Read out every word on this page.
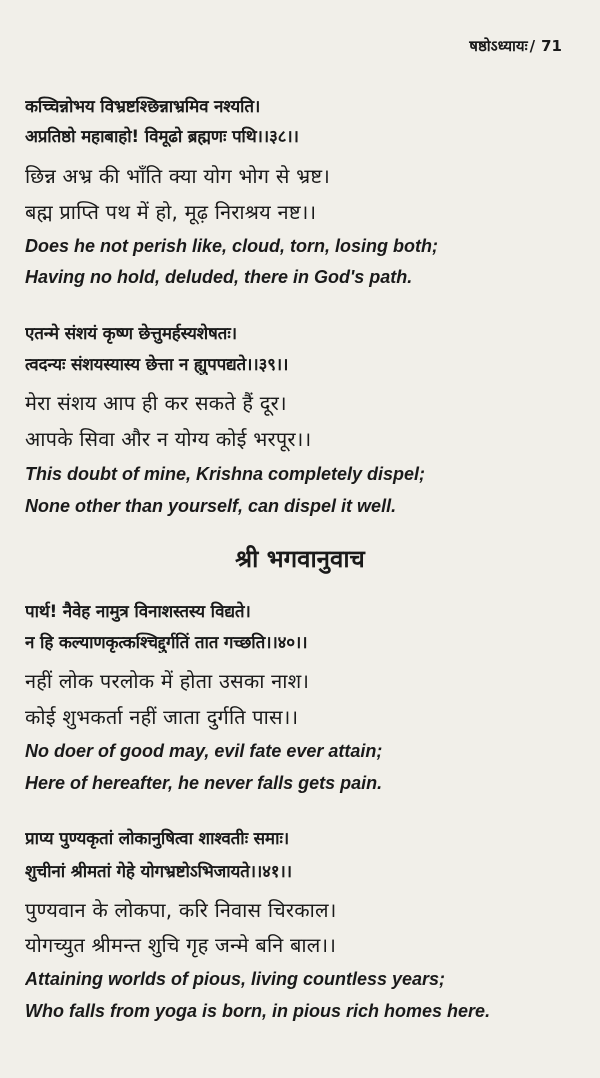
षष्ठोऽध्यायः / 71
कच्चिन्नोभय विभ्रष्टश्छिन्नाभ्रमिव नश्यति।
अप्रतिष्ठो महाबाहो! विमूढो ब्रह्मणः पथि।।३८।।
छिन्न अभ्र की भाँति क्या योग भोग से भ्रष्ट।
बह्म प्राप्ति पथ में हो, मूढ़ निराश्रय नष्ट।।
Does he not perish like, cloud, torn, losing both;
Having no hold, deluded, there in God's path.
एतन्मे संशयं कृष्ण छेत्तुमर्हस्यशेषतः।
त्वदन्यः संशयस्यास्य छेत्ता न ह्युपपद्यते।।३९।।
मेरा संशय आप ही कर सकते हैं दूर।
आपके सिवा और न योग्य कोई भरपूर।।
This doubt of mine, Krishna completely dispel;
None other than yourself, can dispel it well.
श्री भगवानुवाच
पार्थ! नैवेह नामुत्र विनाशस्तस्य विद्यते।
न हि कल्याणकृत्कश्चिद्दुर्गतिं तात गच्छति।।४०।।
नहीं लोक परलोक में होता उसका नाश।
कोई शुभकर्ता नहीं जाता दुर्गति पास।।
No doer of good may, evil fate ever attain;
Here of hereafter, he never falls gets pain.
प्राप्य पुण्यकृतां लोकानुषित्वा शाश्वतीः समाः।
शुचीनां श्रीमतां गेहे योगभ्रष्टोऽभिजायते।।४१।।
पुण्यवान के लोकपा, करि निवास चिरकाल।
योगच्युत श्रीमन्त शुचि गृह जन्मे बनि बाल।।
Attaining worlds of pious, living countless years;
Who falls from yoga is born, in pious rich homes here.
